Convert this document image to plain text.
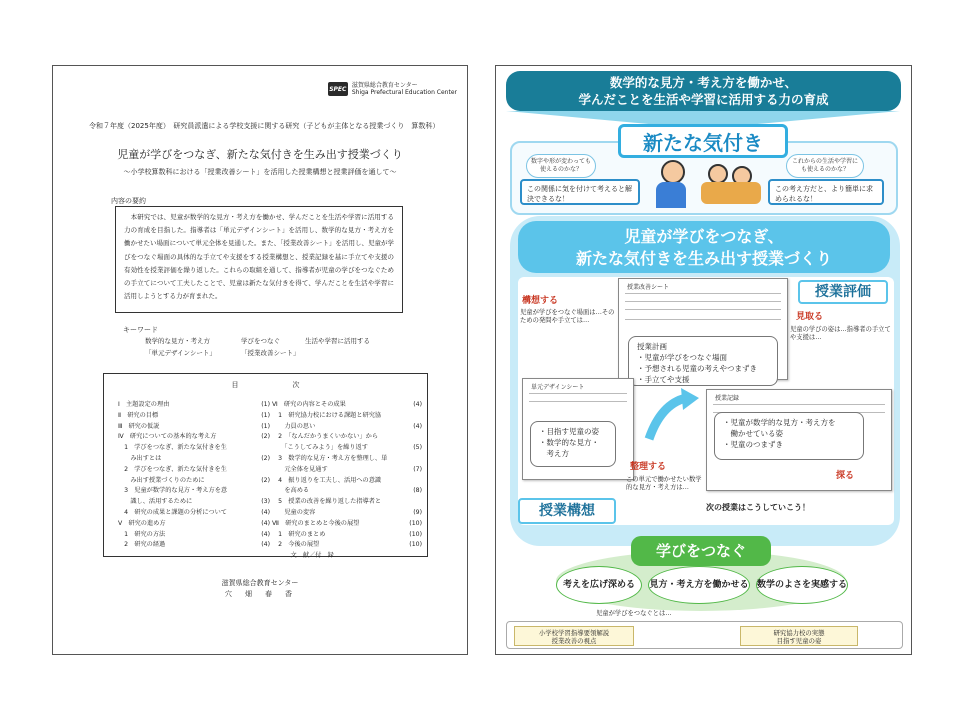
SPEC 滋賀県総合教育センター
Shiga Prefectural Education Center
令和７年度（2025年度）　研究員派遣による学校支援に関する研究（子どもが主体となる授業づくり　算数科）
児童が学びをつなぎ、新たな気付きを生み出す授業づくり
～小学校算数科における「授業改善シート」を活用した授業構想と授業評価を通して～
内容の要約
　本研究では、児童が数学的な見方・考え方を働かせ、学んだことを生活や学習に活用する力の育成を目指した。指導者は「単元デザインシート」を活用し、数学的な見方・考え方を働かせたい場面について単元全体を見通した。また、「授業改善シート」を活用し、児童が学びをつなぐ場面の具体的な手立てや支援をする授業構想と、授業記録を基に手立てや支援の有効性を授業評価を繰り返した。これらの取組を通して、指導者が児童の学びをつなぐための手立てについて工夫したことで、児童は新たな気付きを得て、学んだことを生活や学習に活用しようとする力が育まれた。
キーワード
数学的な見方・考え方	学びをつなぐ	生活や学習に活用する
「単元デザインシート」	「授業改善シート」
目次
Ⅰ　主題設定の理由	(1)
Ⅱ　研究の目標	(1)
Ⅲ　研究の仮説	(1)
Ⅳ　研究についての基本的な考え方	(2)
　1　学びをつなぎ、新たな気付きを生
　　み出すとは	(2)
　2　学びをつなぎ、新たな気付きを生
　　み出す授業づくりのために	(2)
　3　児童が数学的な見方・考え方を意
　　識し、活用するために	(3)
　4　研究の成果と課題の分析について	(4)
Ⅴ　研究の進め方	(4)
　1　研究の方法	(4)
　2　研究の経過	(4)
Ⅵ　研究の内容とその成果	(4)
　1　研究協力校における課題と研究協
　　力員の思い	(4)
　2　「なんだかうまくいかない」から
　　「こうしてみよう」を繰り返す	(5)
　3　数学的な見方・考え方を整理し、単
　　元全体を見通す	(7)
　4　振り返りを工夫し、活用への意識
　　を高める	(8)
　5　授業の改善を繰り返した指導者と
　　児童の変容	(9)
Ⅶ　研究のまとめと今後の展望	(10)
　1　研究のまとめ	(10)
　2　今後の展望	(10)
　　　文　献／付　録
滋賀県総合教育センター
穴　畑　春　香
数学的な見方・考え方を働かせ、
学んだことを生活や学習に活用する力の育成
新たな気付き
数字や形が変わっても使えるのかな？
これからの生活や学習にも使えるのかな？
この関係に気を付けて考えると解決できるな！
この考え方だと、より簡単に求められるな！
児童が学びをつなぎ、
新たな気付きを生み出す授業づくり
構想する
児童が学びをつなぐ場面は…そのための発問や手立ては…
授業評価
見取る
児童の学びの姿は…指導者の手立てや支援は…
授業改善シート
授業計画
・児童が学びをつなぐ場面
・予想される児童の考えやつまずき
・手立てや支援
単元デザインシート
・目指す児童の姿
・数学的な見方・
　考え方
整理する
この単元で働かせたい数学的な見方・考え方は…
授業記録
・児童が数学的な見方・考え方を
　働かせている姿
・児童のつまずき
探る
授業構想	次の授業はこうしていこう！
学びをつなぐ
考えを広げ深める	見方・考え方を働かせる 数学のよさを実感する
児童が学びをつなぐとは…
小学校学習指導要領解説
授業改善の視点
研究協力校の実態
目指す児童の姿
